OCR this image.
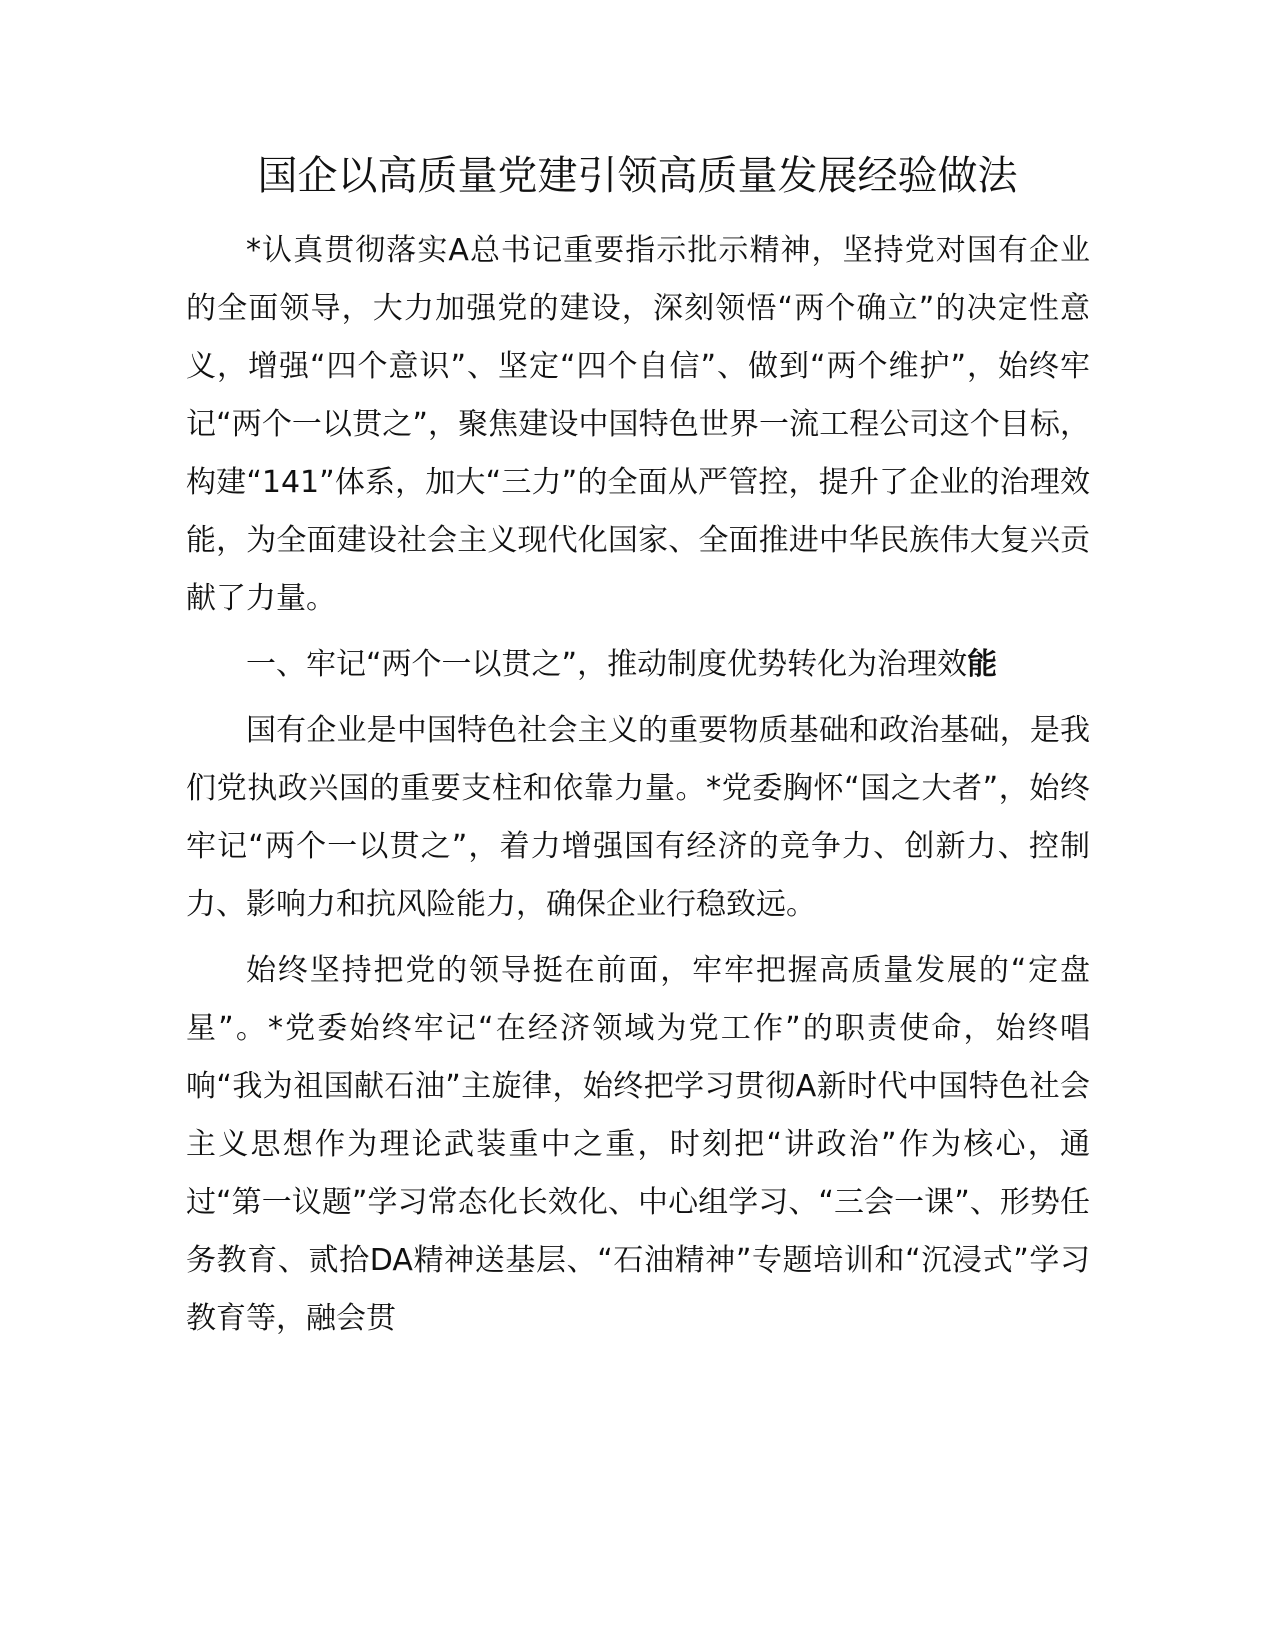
国企以高质量党建引领高质量发展经验做法

*认真贯彻落实A总书记重要指示批示精神，坚持党对国有企业的全面领导，大力加强党的建设，深刻领悟“两个确立”的决定性意义，增强“四个意识”、坚定“四个自信”、做到“两个维护”，始终牢记“两个一以贯之”，聚焦建设中国特色世界一流工程公司这个目标，构建“141”体系，加大“三力”的全面从严管控，提升了企业的治理效能，为全面建设社会主义现代化国家、全面推进中华民族伟大复兴贡献了力量。

一、牢记“两个一以贯之”，推动制度优势转化为治理效能

国有企业是中国特色社会主义的重要物质基础和政治基础，是我们党执政兴国的重要支柱和依靠力量。*党委胸怀“国之大者”，始终牢记“两个一以贯之”，着力增强国有经济的竞争力、创新力、控制力、影响力和抗风险能力，确保企业行稳致远。

始终坚持把党的领导挺在前面，牢牢把握高质量发展的“定盘星”。*党委始终牢记“在经济领域为党工作”的职责使命，始终唱响“我为祖国献石油”主旋律，始终把学习贯彻A新时代中国特色社会主义思想作为理论武装重中之重，时刻把“讲政治”作为核心，通过“第一议题”学习常态化长效化、中心组学习、“三会一课”、形势任务教育、贰拾DA精神送基层、“石油精神”专题培训和“沉浸式”学习教育等，融会贯
